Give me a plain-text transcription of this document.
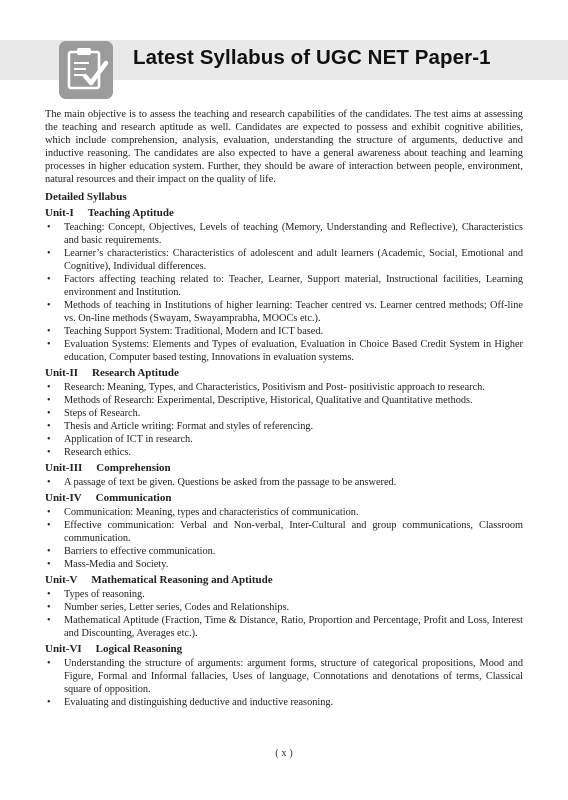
Latest Syllabus of UGC NET Paper-1

The main objective is to assess the teaching and research capabilities of the candidates. The test aims at assessing the teaching and research aptitude as well. Candidates are expected to possess and exhibit cognitive abilities, which include comprehension, analysis, evaluation, understanding the structure of arguments, deductive and inductive reasoning. The candidates are also expected to have a general awareness about teaching and learning processes in higher education system. Further, they should be aware of interaction between people, environment, natural resources and their impact on the quality of life.

Detailed Syllabus
Unit-I Teaching Aptitude
• Teaching: Concept, Objectives, Levels of teaching (Memory, Understanding and Reflective), Characteristics and basic requirements.
• Learner’s characteristics: Characteristics of adolescent and adult learners (Academic, Social, Emotional and Cognitive), Individual differences.
• Factors affecting teaching related to: Teacher, Learner, Support material, Instructional facilities, Learning environment and Institution.
• Methods of teaching in Institutions of higher learning: Teacher centred vs. Learner centred methods; Off-line vs. On-line methods (Swayam, Swayamprabha, MOOCs etc.).
• Teaching Support System: Traditional, Modern and ICT based.
• Evaluation Systems: Elements and Types of evaluation, Evaluation in Choice Based Credit System in Higher education, Computer based testing, Innovations in evaluation systems.
Unit-II Research Aptitude
• Research: Meaning, Types, and Characteristics, Positivism and Post- positivistic approach to research.
• Methods of Research: Experimental, Descriptive, Historical, Qualitative and Quantitative methods.
• Steps of Research.
• Thesis and Article writing: Format and styles of referencing.
• Application of ICT in research.
• Research ethics.
Unit-III Comprehension
• A passage of text be given. Questions be asked from the passage to be answered.
Unit-IV Communication
• Communication: Meaning, types and characteristics of communication.
• Effective communication: Verbal and Non-verbal, Inter-Cultural and group communications, Classroom communication.
• Barriers to effective communication.
• Mass-Media and Society.
Unit-V Mathematical Reasoning and Aptitude
• Types of reasoning.
• Number series, Letter series, Codes and Relationships.
• Mathematical Aptitude (Fraction, Time & Distance, Ratio, Proportion and Percentage, Profit and Loss, Interest and Discounting, Averages etc.).
Unit-VI Logical Reasoning
• Understanding the structure of arguments: argument forms, structure of categorical propositions, Mood and Figure, Formal and Informal fallacies, Uses of language, Connotations and denotations of terms, Classical square of opposition.
• Evaluating and distinguishing deductive and inductive reasoning.
( x )
